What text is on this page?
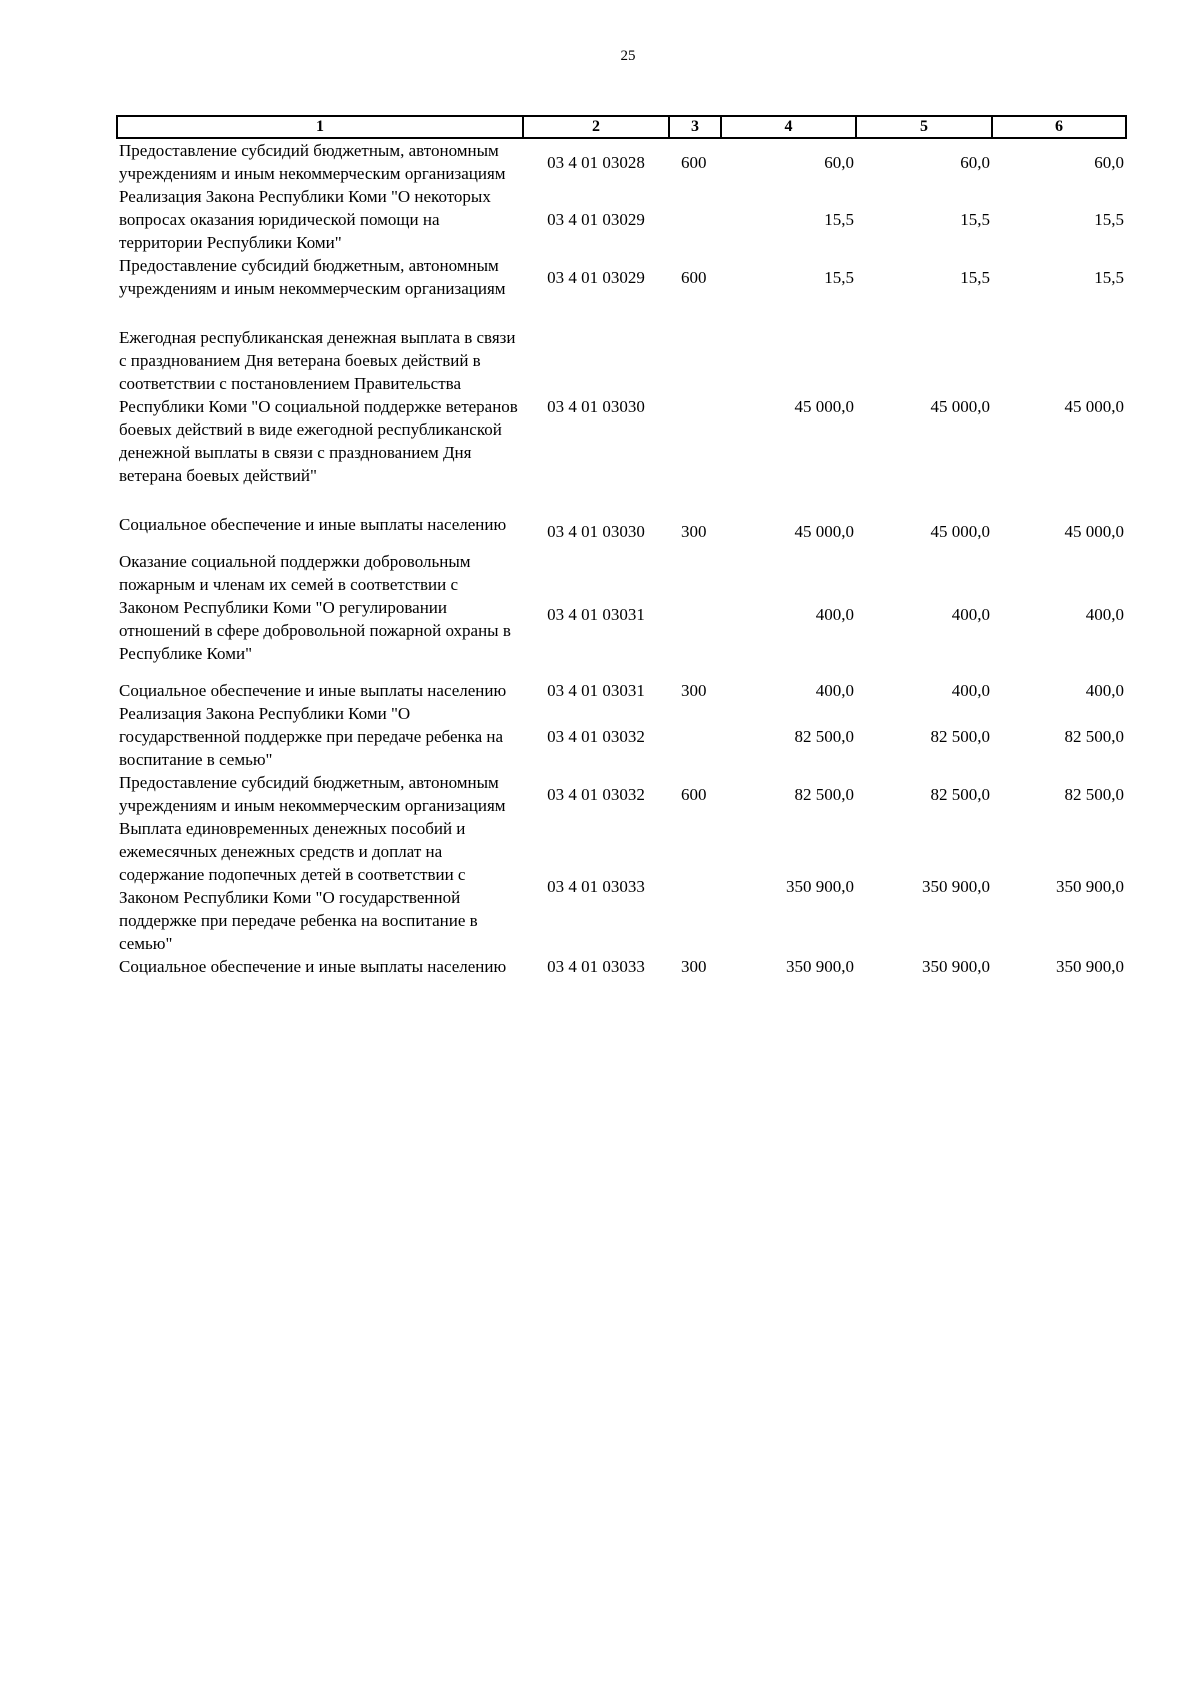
25
1	2	3	4	5	6
Предоставление субсидий бюджетным, автономным учреждениям и иным некоммерческим организациям	03 4 01 03028	600	60,0	60,0	60,0
Реализация Закона Республики Коми "О некоторых вопросах оказания юридической помощи на территории Республики Коми"	03 4 01 03029		15,5	15,5	15,5
Предоставление субсидий бюджетным, автономным учреждениям и иным некоммерческим организациям	03 4 01 03029	600	15,5	15,5	15,5
Ежегодная республиканская денежная выплата в связи с празднованием Дня ветерана боевых действий в соответствии с постановлением Правительства Республики Коми "О социальной поддержке ветеранов боевых действий в виде ежегодной республиканской денежной выплаты в связи с празднованием Дня ветерана боевых действий"	03 4 01 03030		45 000,0	45 000,0	45 000,0
Социальное обеспечение и иные выплаты населению	03 4 01 03030	300	45 000,0	45 000,0	45 000,0
Оказание социальной поддержки добровольным пожарным и членам их семей в соответствии с Законом Республики Коми "О регулировании отношений в сфере добровольной пожарной охраны в Республике Коми"	03 4 01 03031		400,0	400,0	400,0
Социальное обеспечение и иные выплаты населению	03 4 01 03031	300	400,0	400,0	400,0
Реализация Закона Республики Коми "О государственной поддержке при передаче ребенка на воспитание в семью"	03 4 01 03032		82 500,0	82 500,0	82 500,0
Предоставление субсидий бюджетным, автономным учреждениям и иным некоммерческим организациям	03 4 01 03032	600	82 500,0	82 500,0	82 500,0
Выплата единовременных денежных пособий и ежемесячных денежных средств и доплат на содержание подопечных детей в соответствии с Законом Республики Коми "О государственной поддержке при передаче ребенка на воспитание в семью"	03 4 01 03033		350 900,0	350 900,0	350 900,0
Социальное обеспечение и иные выплаты населению	03 4 01 03033	300	350 900,0	350 900,0	350 900,0
